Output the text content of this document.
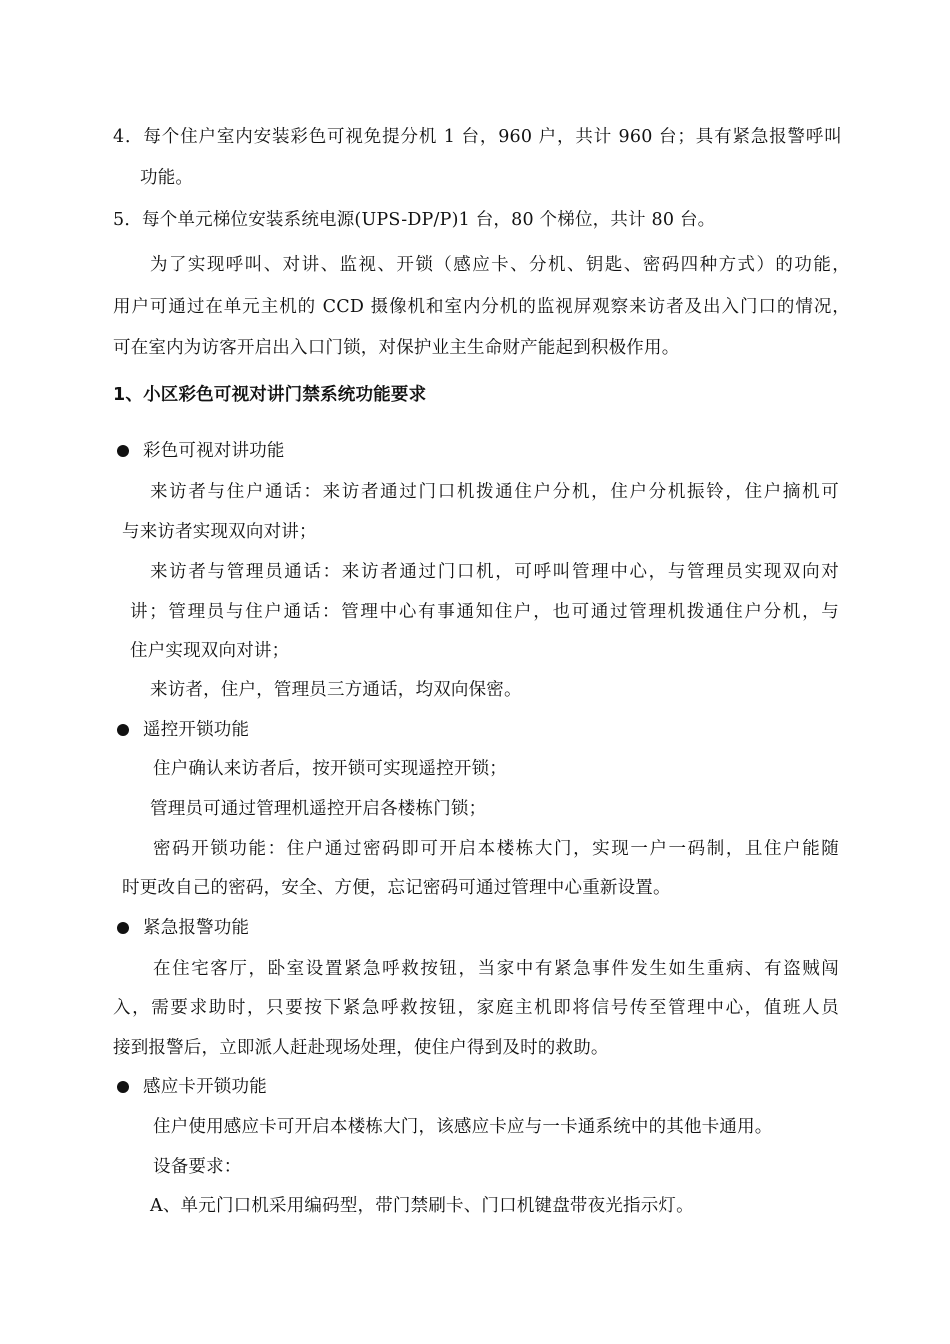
4．每个住户室内安装彩色可视免提分机 1 台，960 户，共计 960 台；具有紧急报警呼叫
功能。
5．每个单元梯位安装系统电源(UPS-DP/P)1 台，80 个梯位，共计 80 台。
为了实现呼叫、对讲、监视、开锁（感应卡、分机、钥匙、密码四种方式）的功能，
用户可通过在单元主机的 CCD 摄像机和室内分机的监视屏观察来访者及出入门口的情况，
可在室内为访客开启出入口门锁，对保护业主生命财产能起到积极作用。
1、小区彩色可视对讲门禁系统功能要求
彩色可视对讲功能
来访者与住户通话：来访者通过门口机拨通住户分机，住户分机振铃，住户摘机可
与来访者实现双向对讲；
来访者与管理员通话：来访者通过门口机，可呼叫管理中心，与管理员实现双向对
讲；管理员与住户通话：管理中心有事通知住户，也可通过管理机拨通住户分机，与
住户实现双向对讲；
来访者，住户，管理员三方通话，均双向保密。
遥控开锁功能
住户确认来访者后，按开锁可实现遥控开锁；
管理员可通过管理机遥控开启各楼栋门锁；
密码开锁功能：住户通过密码即可开启本楼栋大门，实现一户一码制，且住户能随
时更改自己的密码，安全、方便，忘记密码可通过管理中心重新设置。
紧急报警功能
在住宅客厅，卧室设置紧急呼救按钮，当家中有紧急事件发生如生重病、有盗贼闯
入，需要求助时，只要按下紧急呼救按钮，家庭主机即将信号传至管理中心，值班人员
接到报警后，立即派人赶赴现场处理，使住户得到及时的救助。
感应卡开锁功能
住户使用感应卡可开启本楼栋大门，该感应卡应与一卡通系统中的其他卡通用。
设备要求：
A、单元门口机采用编码型，带门禁刷卡、门口机键盘带夜光指示灯。
